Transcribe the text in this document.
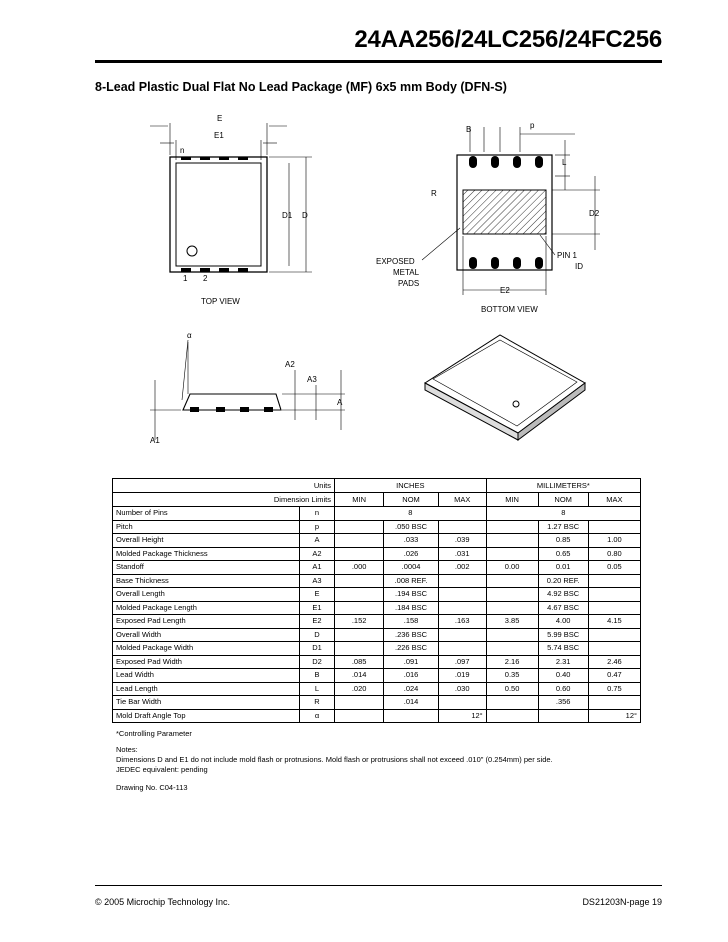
24AA256/24LC256/24FC256
8-Lead Plastic Dual Flat No Lead Package (MF) 6x5 mm Body (DFN-S)
E
E1
n
D1 D
1 2
TOP VIEW
B	p
L
R
D2
PIN 1
ID
EXPOSED
METAL
PADS
E2
BOTTOM VIEW
α
A2
A3
A
A1
Units		INCHES			MILLIMETERS*		
Dimension Limits		MIN	NOM	MAX	MIN	NOM	MAX
Number of Pins	n	8			8		
Pitch	p		.050 BSC			1.27 BSC	
Overall Height	A		.033	.039		0.85	1.00
Molded Package Thickness	A2		.026	.031		0.65	0.80
Standoff	A1	.000	.0004	.002	0.00	0.01	0.05
Base Thickness	A3		.008 REF.			0.20 REF.	
Overall Length	E		.194 BSC			4.92 BSC	
Molded Package Length	E1		.184 BSC			4.67 BSC	
Exposed Pad Length	E2	.152	.158	.163	3.85	4.00	4.15
Overall Width	D		.236 BSC			5.99 BSC	
Molded Package Width	D1		.226 BSC			5.74 BSC	
Exposed Pad Width	D2	.085	.091	.097	2.16	2.31	2.46
Lead Width	B	.014	.016	.019	0.35	0.40	0.47
Lead Length	L	.020	.024	.030	0.50	0.60	0.75
Tie Bar Width	R		.014			.356	
Mold Draft Angle Top	α			12°			12°
*Controlling Parameter
Notes:
Dimensions D and E1 do not include mold flash or protrusions. Mold flash or protrusions shall not exceed .010" (0.254mm) per side.
JEDEC equivalent: pending
Drawing No. C04-113
© 2005 Microchip Technology Inc.	DS21203N-page 19
